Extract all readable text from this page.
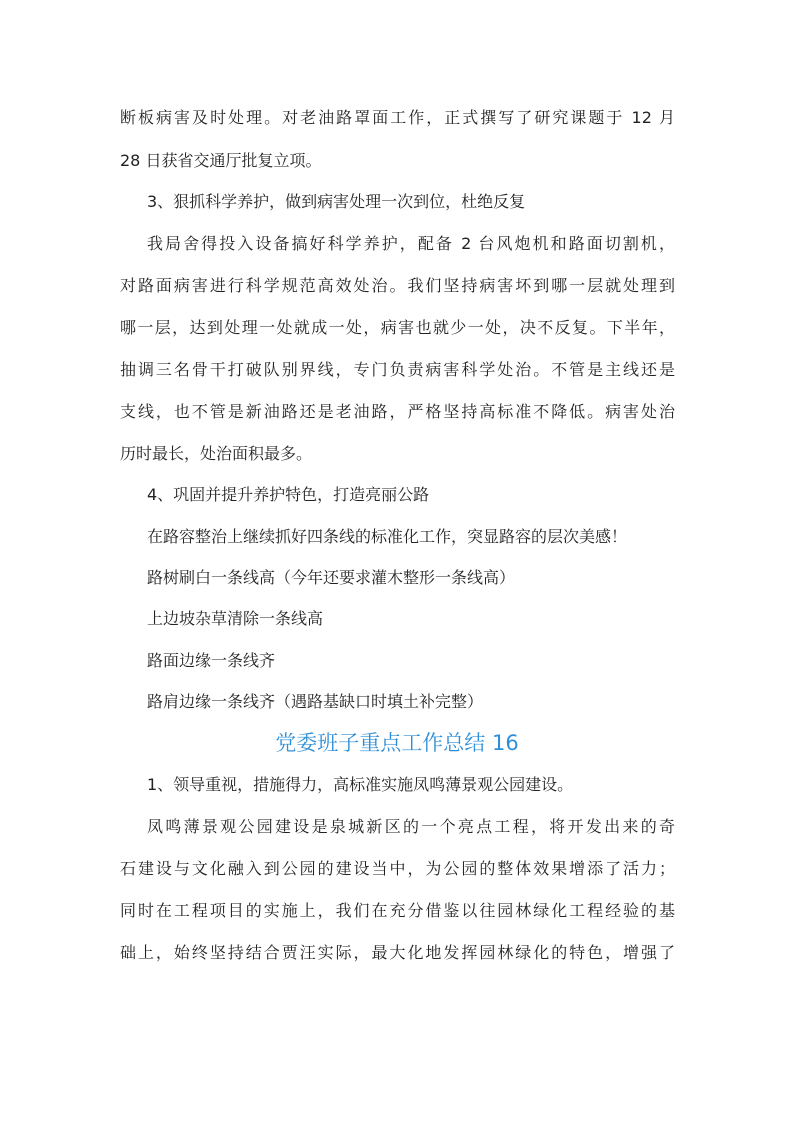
断板病害及时处理。对老油路罩面工作，正式撰写了研究课题于 12 月
28 日获省交通厅批复立项。
3、狠抓科学养护，做到病害处理一次到位，杜绝反复
我局舍得投入设备搞好科学养护，配备 2 台风炮机和路面切割机，
对路面病害进行科学规范高效处治。我们坚持病害坏到哪一层就处理到
哪一层，达到处理一处就成一处，病害也就少一处，决不反复。下半年，
抽调三名骨干打破队别界线，专门负责病害科学处治。不管是主线还是
支线，也不管是新油路还是老油路，严格坚持高标准不降低。病害处治
历时最长，处治面积最多。
4、巩固并提升养护特色，打造亮丽公路
在路容整治上继续抓好四条线的标准化工作，突显路容的层次美感！
路树刷白一条线高（今年还要求灌木整形一条线高）
上边坡杂草清除一条线高
路面边缘一条线齐
路肩边缘一条线齐（遇路基缺口时填土补完整）
党委班子重点工作总结 16
1、领导重视，措施得力，高标准实施凤鸣薄景观公园建设。
凤鸣薄景观公园建设是泉城新区的一个亮点工程，将开发出来的奇
石建设与文化融入到公园的建设当中，为公园的整体效果增添了活力；
同时在工程项目的实施上，我们在充分借鉴以往园林绿化工程经验的基
础上，始终坚持结合贾汪实际，最大化地发挥园林绿化的特色，增强了
